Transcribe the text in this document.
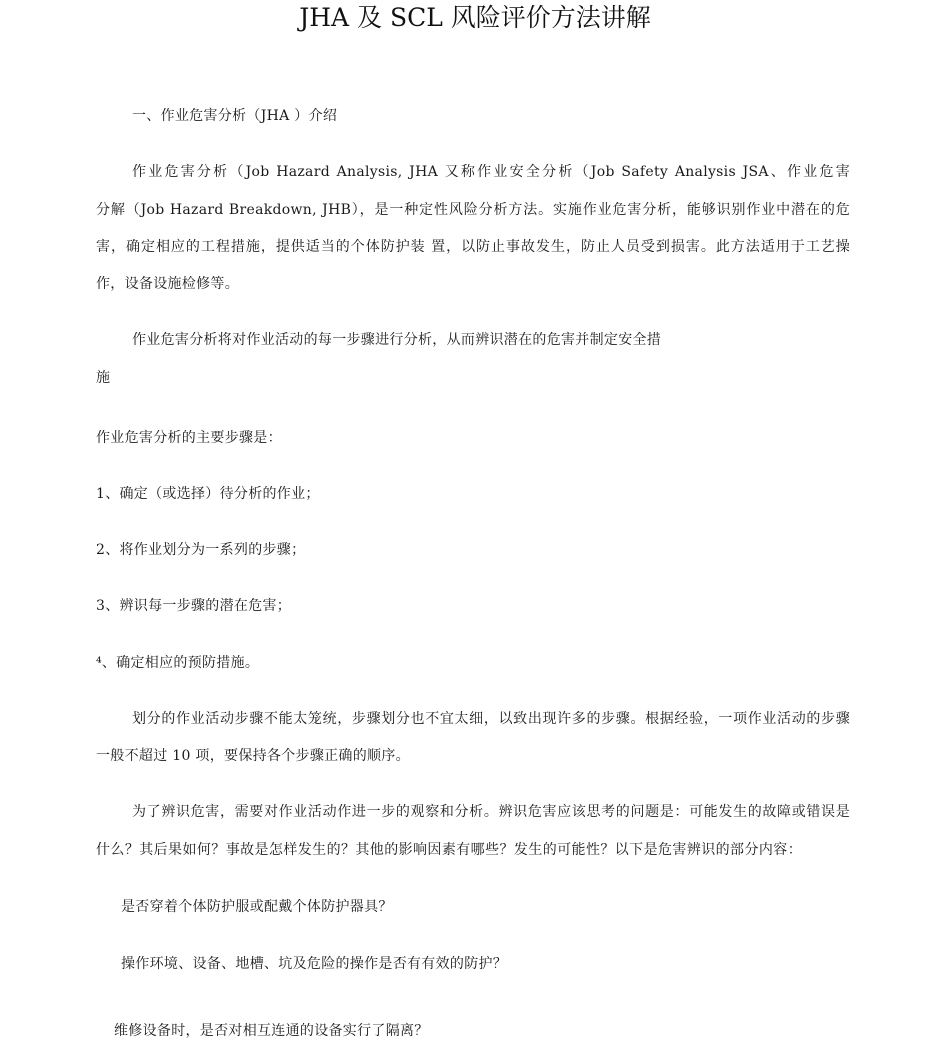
JHA 及 SCL 风险评价方法讲解
一、作业危害分析（JHA ）介绍
作业危害分析（Job Hazard Analysis, JHA 又称作业安全分析（Job Safety Analysis JSA、作业危害
分解（Job Hazard Breakdown, JHB），是一种定性风险分析方法。实施作业危害分析，能够识别作业中潜在的危
害，确定相应的工程措施，提供适当的个体防护装 置，以防止事故发生，防止人员受到损害。此方法适用于工艺操
作，设备设施检修等。
作业危害分析将对作业活动的每一步骤进行分析，从而辨识潜在的危害并制定安全措
施
作业危害分析的主要步骤是：
1、确定（或选择）待分析的作业；
2、将作业划分为一系列的步骤；
3、辨识每一步骤的潜在危害；
⁴、确定相应的预防措施。
划分的作业活动步骤不能太笼统，步骤划分也不宜太细，以致出现许多的步骤。根据经验，一项作业活动的步骤
一般不超过 10 项，要保持各个步骤正确的顺序。
为了辨识危害，需要对作业活动作进一步的观察和分析。辨识危害应该思考的问题是：可能发生的故障或错误是
什么？其后果如何？事故是怎样发生的？其他的影响因素有哪些？发生的可能性？以下是危害辨识的部分内容：
是否穿着个体防护服或配戴个体防护器具？
操作环境、设备、地槽、坑及危险的操作是否有有效的防护？
维修设备时，是否对相互连通的设备实行了隔离？
